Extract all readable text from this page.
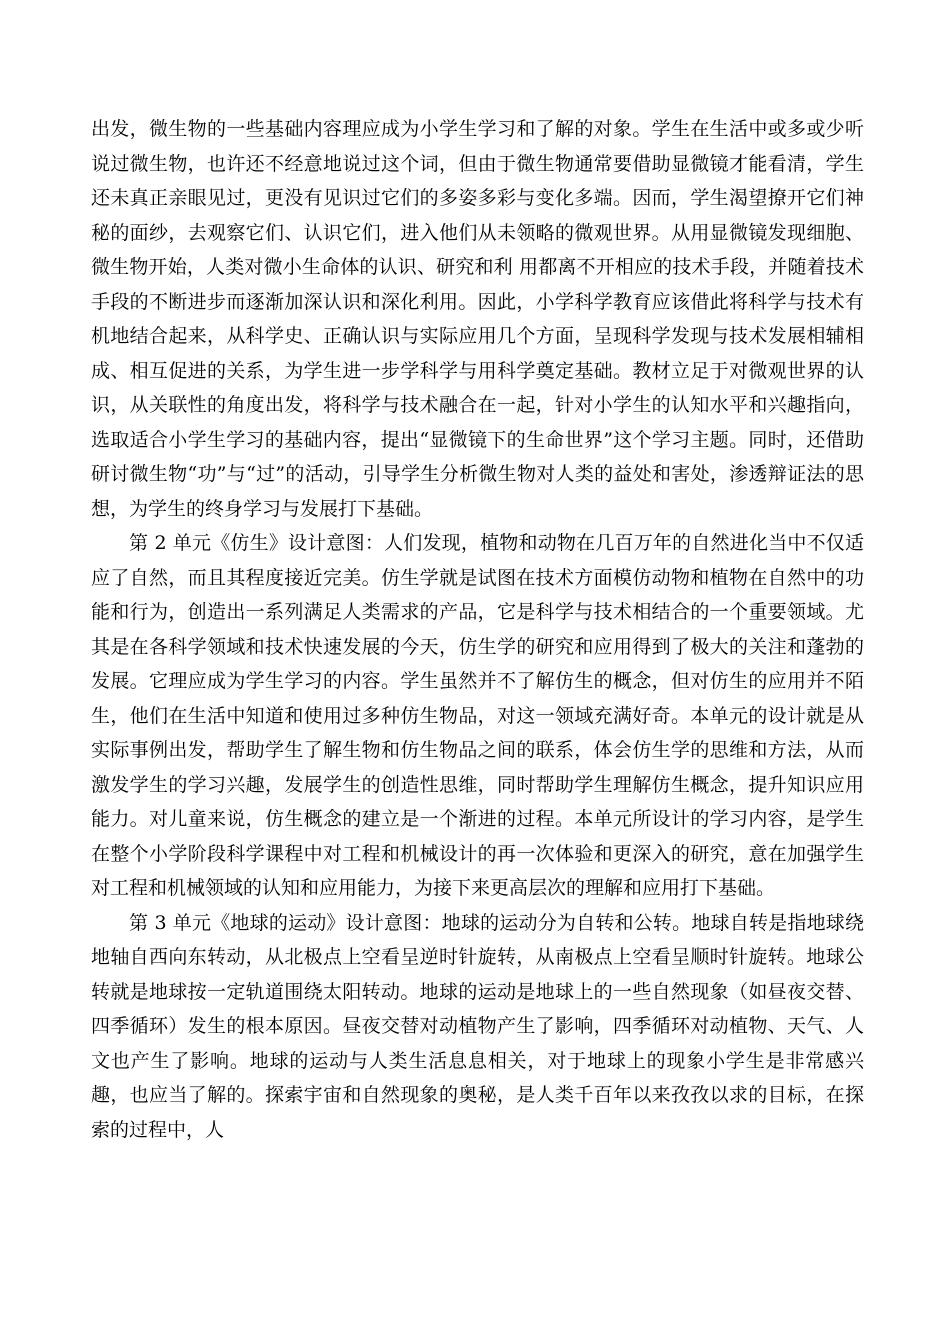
出发，微生物的一些基础内容理应成为小学生学习和了解的对象。学生在生活中或多或少听说过微生物，也许还不经意地说过这个词，但由于微生物通常要借助显微镜才能看清，学生还未真正亲眼见过，更没有见识过它们的多姿多彩与变化多端。因而，学生渴望撩开它们神秘的面纱，去观察它们、认识它们，进入他们从未领略的微观世界。从用显微镜发现细胞、微生物开始，人类对微小生命体的认识、研究和利 用都离不开相应的技术手段，并随着技术手段的不断进步而逐渐加深认识和深化利用。因此，小学科学教育应该借此将科学与技术有机地结合起来，从科学史、正确认识与实际应用几个方面，呈现科学发现与技术发展相辅相成、相互促进的关系，为学生进一步学科学与用科学奠定基础。教材立足于对微观世界的认识，从关联性的角度出发，将科学与技术融合在一起，针对小学生的认知水平和兴趣指向，选取适合小学生学习的基础内容，提出“显微镜下的生命世界”这个学习主题。同时，还借助研讨微生物“功”与“过”的活动，引导学生分析微生物对人类的益处和害处，渗透辩证法的思想，为学生的终身学习与发展打下基础。

第 2 单元《仿生》设计意图：人们发现，植物和动物在几百万年的自然进化当中不仅适应了自然，而且其程度接近完美。仿生学就是试图在技术方面模仿动物和植物在自然中的功能和行为，创造出一系列满足人类需求的产品，它是科学与技术相结合的一个重要领域。尤其是在各科学领域和技术快速发展的今天，仿生学的研究和应用得到了极大的关注和蓬勃的发展。它理应成为学生学习的内容。学生虽然并不了解仿生的概念，但对仿生的应用并不陌生，他们在生活中知道和使用过多种仿生物品，对这一领域充满好奇。本单元的设计就是从实际事例出发，帮助学生了解生物和仿生物品之间的联系，体会仿生学的思维和方法，从而激发学生的学习兴趣，发展学生的创造性思维，同时帮助学生理解仿生概念，提升知识应用能力。对儿童来说，仿生概念的建立是一个渐进的过程。本单元所设计的学习内容，是学生在整个小学阶段科学课程中对工程和机械设计的再一次体验和更深入的研究，意在加强学生对工程和机械领域的认知和应用能力，为接下来更高层次的理解和应用打下基础。

第 3 单元《地球的运动》设计意图：地球的运动分为自转和公转。地球自转是指地球绕地轴自西向东转动，从北极点上空看呈逆时针旋转，从南极点上空看呈顺时针旋转。地球公转就是地球按一定轨道围绕太阳转动。地球的运动是地球上的一些自然现象（如昼夜交替、四季循环）发生的根本原因。昼夜交替对动植物产生了影响，四季循环对动植物、天气、人文也产生了影响。地球的运动与人类生活息息相关，对于地球上的现象小学生是非常感兴趣，也应当了解的。探索宇宙和自然现象的奥秘，是人类千百年以来孜孜以求的目标，在探索的过程中，人
